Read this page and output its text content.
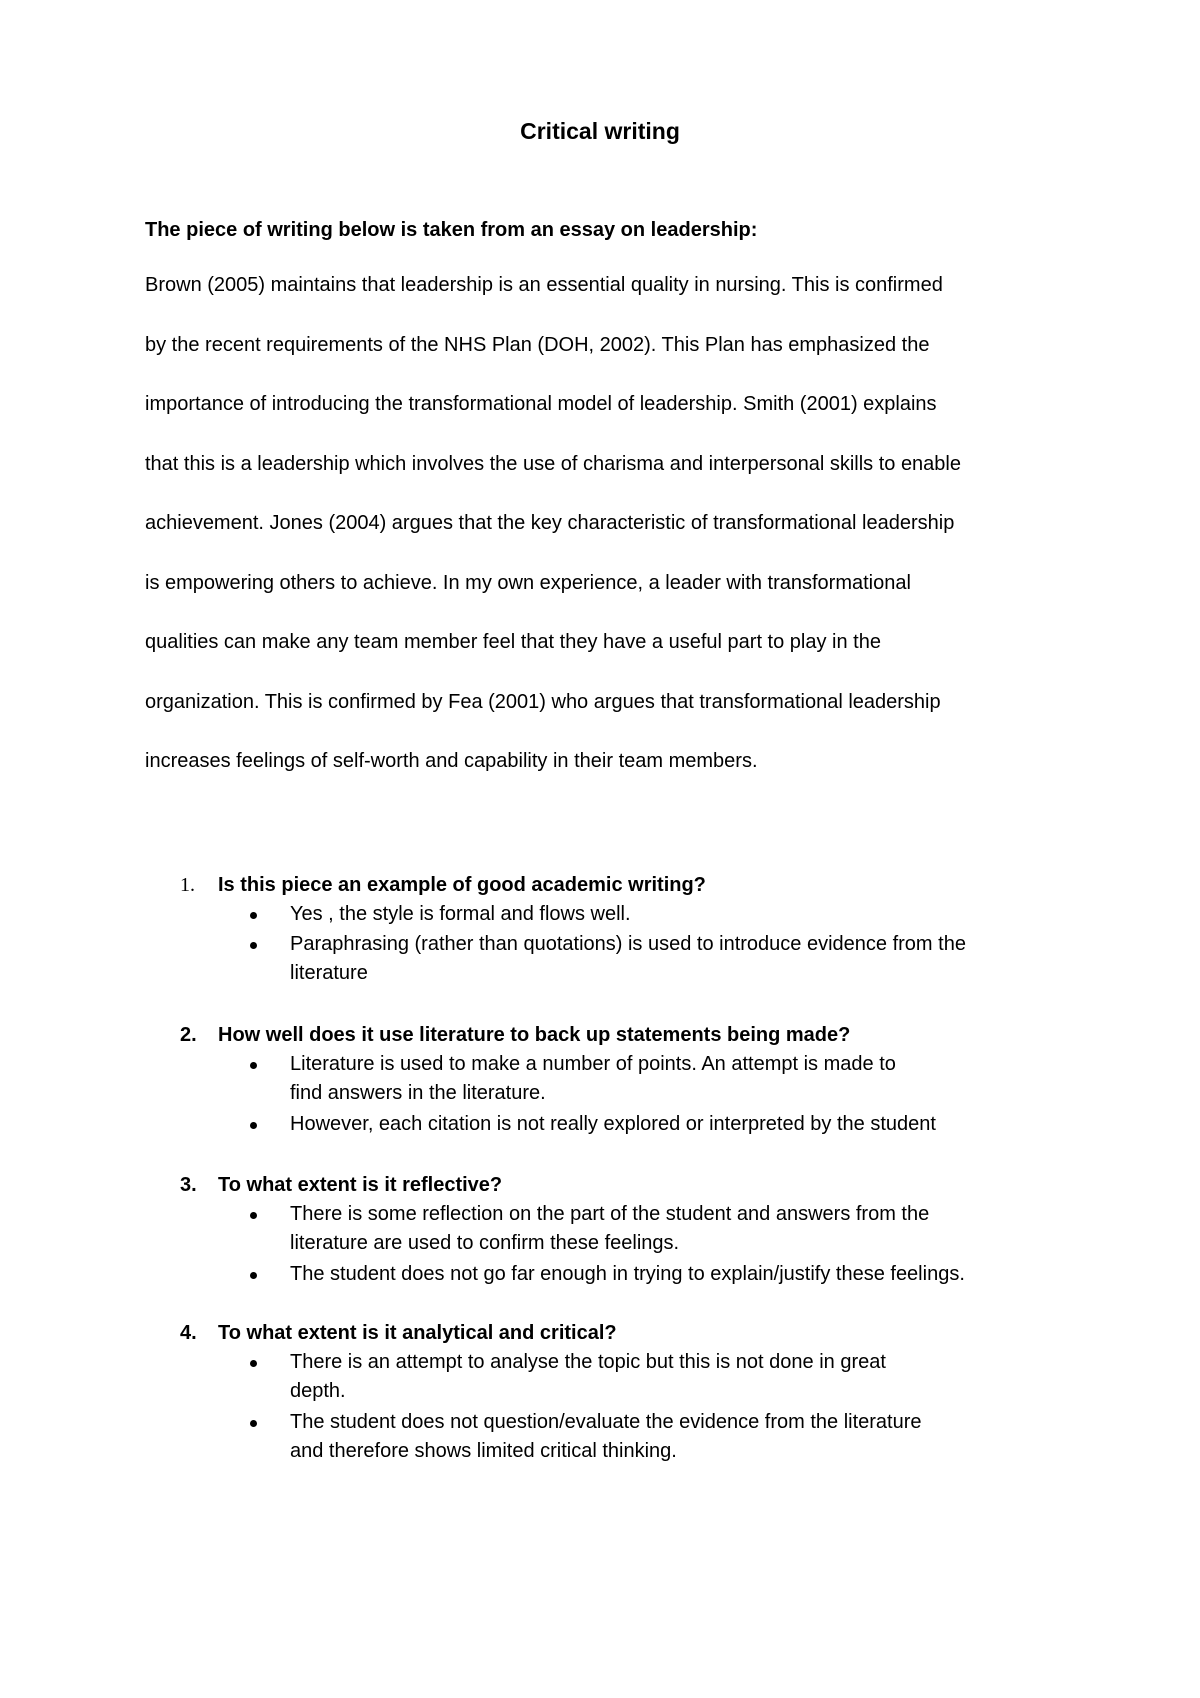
Critical writing
The piece of writing below is taken from an essay on leadership:
Brown (2005) maintains that leadership is an essential quality in nursing. This is confirmed
by the recent requirements of the NHS Plan (DOH, 2002). This Plan has emphasized the
importance of introducing the transformational model of leadership. Smith (2001) explains
that this is a leadership which involves the use of charisma and interpersonal skills to enable
achievement. Jones (2004) argues that the key characteristic of transformational leadership
is empowering others to achieve. In my own experience, a leader with transformational
qualities can make any team member feel that they have a useful part to play in the
organization. This is confirmed by Fea (2001) who argues that transformational leadership
increases feelings of self-worth and capability in their team members.
1. Is this piece an example of good academic writing?
Yes , the style is formal and flows well.
Paraphrasing (rather than quotations) is used to introduce evidence from the
literature
2. How well does it use literature to back up statements being made?
Literature is used to make a number of points. An attempt is made to
find answers in the literature.
However, each citation is not really explored or interpreted by the student
3. To what extent is it reflective?
There is some reflection on the part of the student and answers from the
literature are used to confirm these feelings.
The student does not go far enough in trying to explain/justify these feelings.
4. To what extent is it analytical and critical?
There is an attempt to analyse the topic but this is not done in great
depth.
The student does not question/evaluate the evidence from the literature
and therefore shows limited critical thinking.
